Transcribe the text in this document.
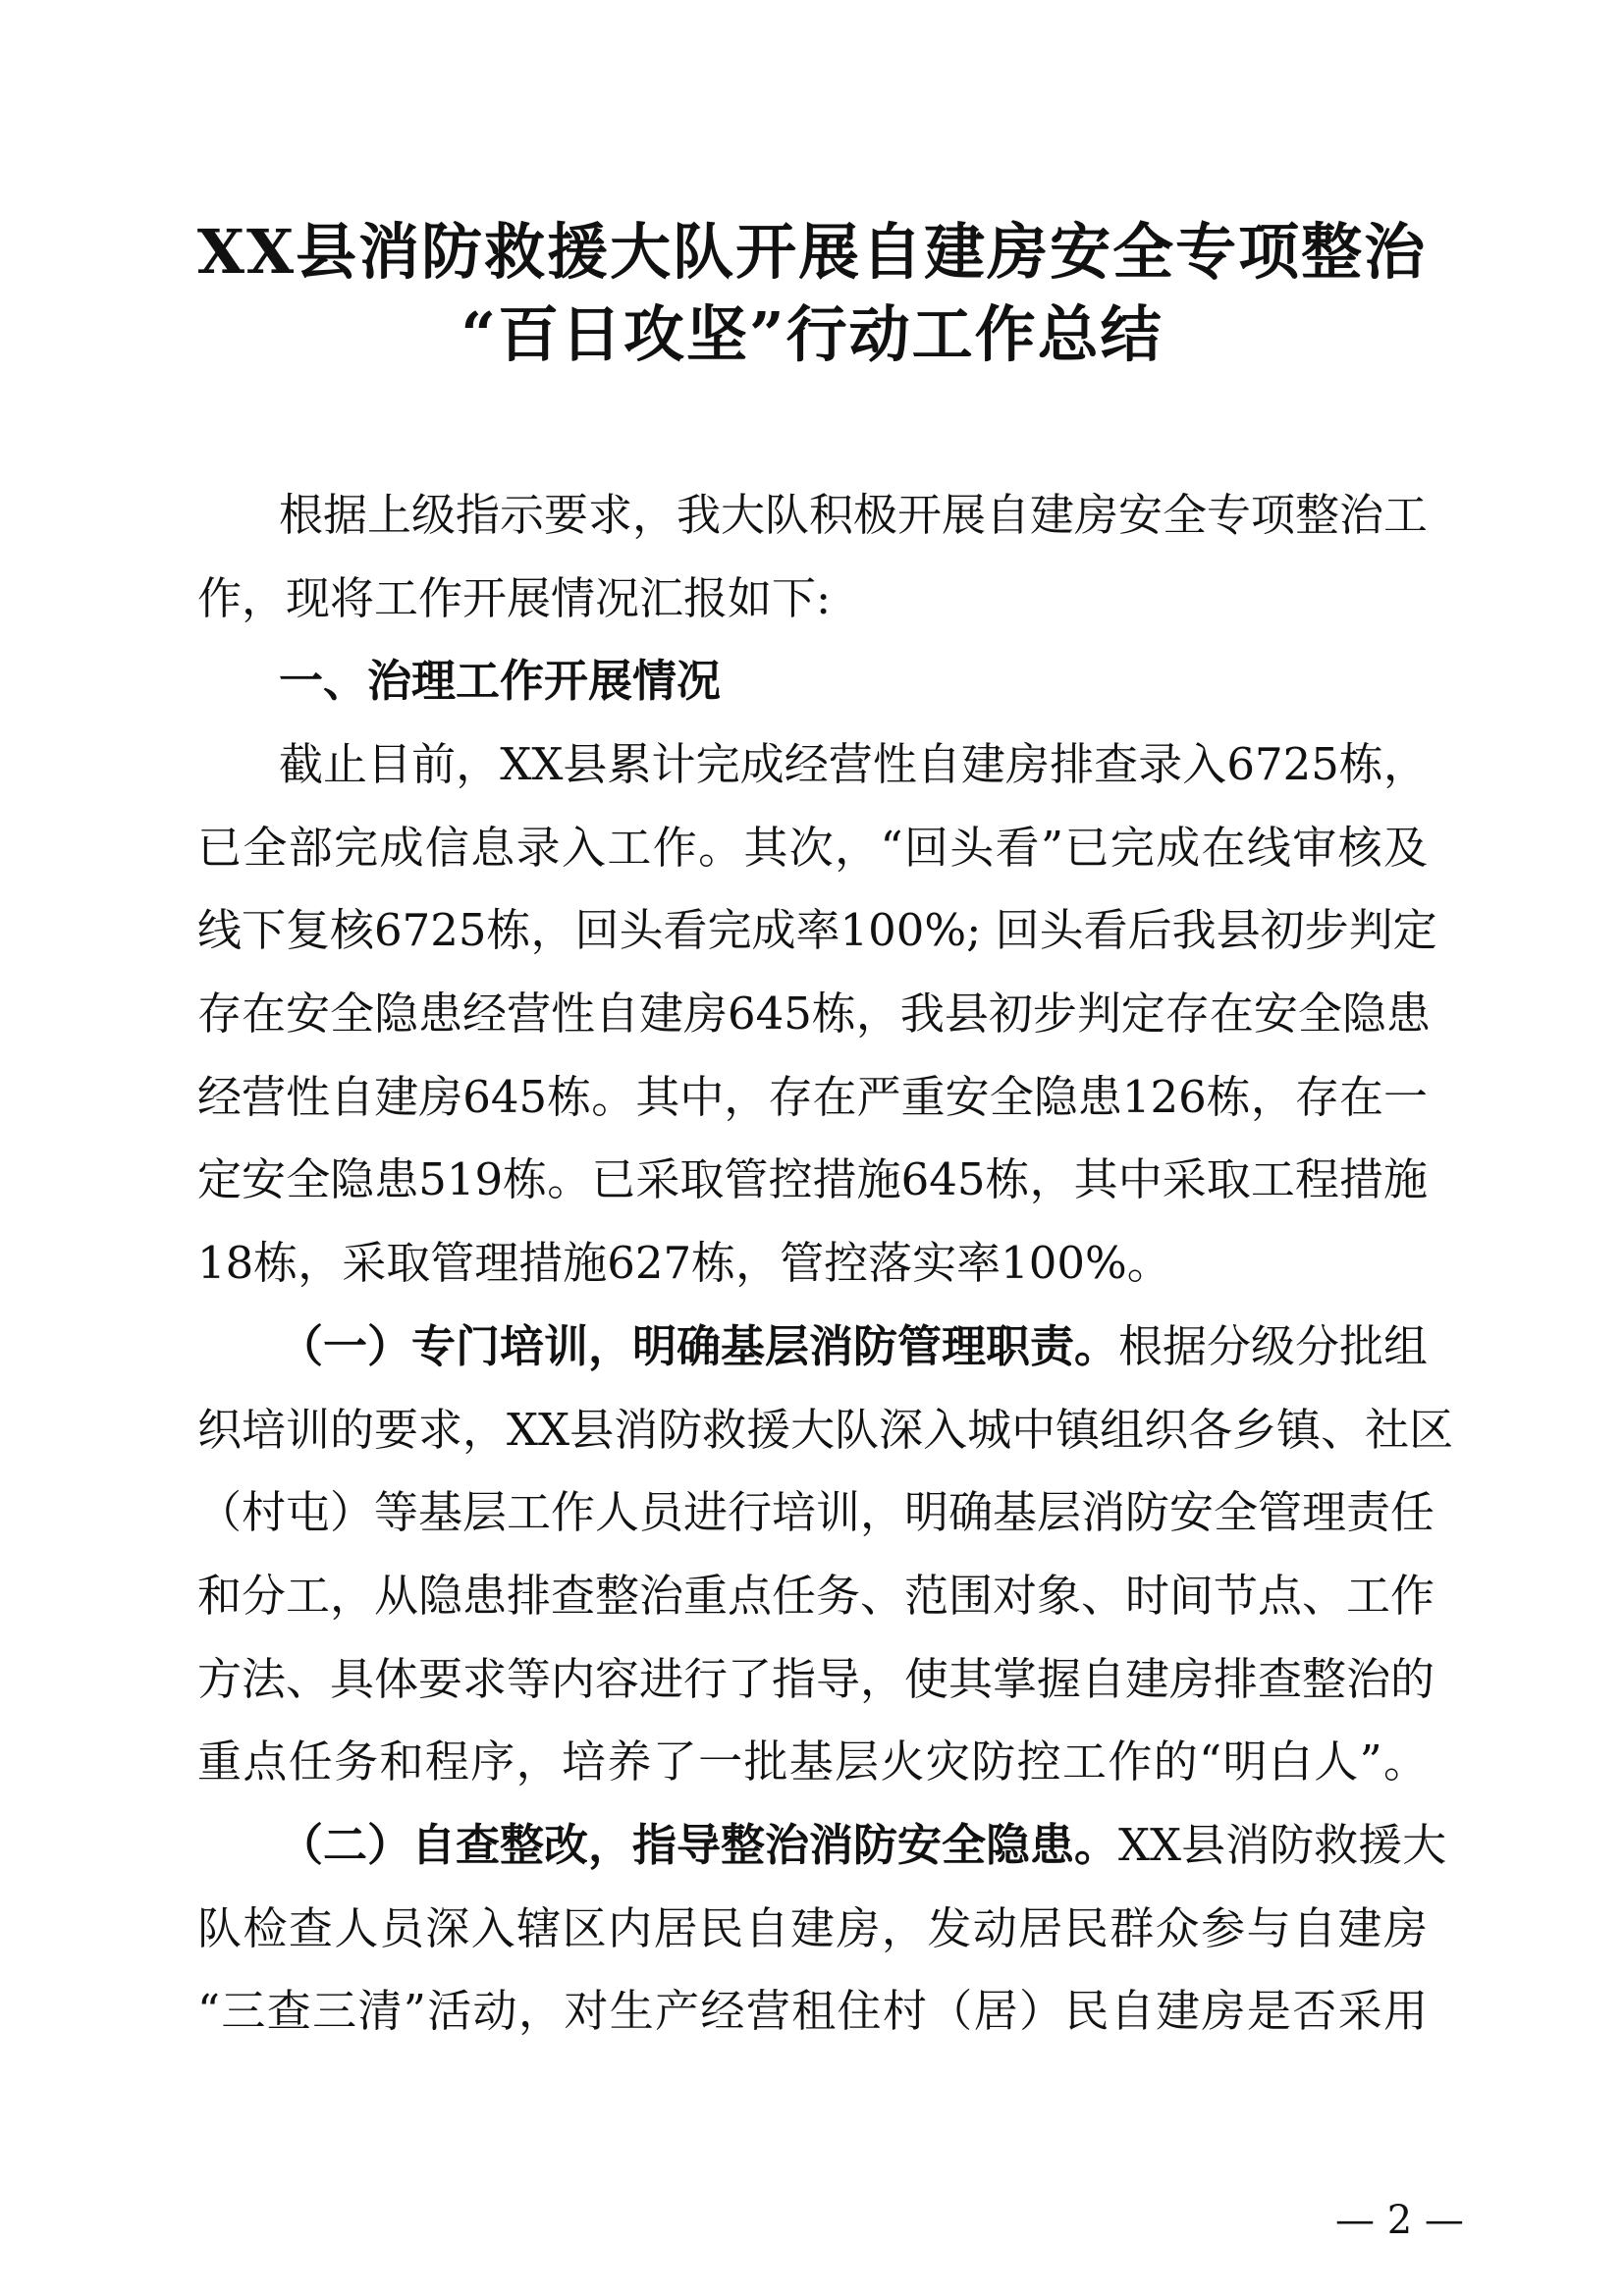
XX县消防救援大队开展自建房安全专项整治
“百日攻坚”行动工作总结
根据上级指示要求，我大队积极开展自建房安全专项整治工
作，现将工作开展情况汇报如下:
一、治理工作开展情况
截止目前，XX县累计完成经营性自建房排查录入6725栋，
已全部完成信息录入工作。其次，“回头看”已完成在线审核及
线下复核6725栋，回头看完成率100%; 回头看后我县初步判定
存在安全隐患经营性自建房645栋，我县初步判定存在安全隐患
经营性自建房645栋。其中，存在严重安全隐患126栋，存在一
定安全隐患519栋。已采取管控措施645栋，其中采取工程措施
18栋，采取管理措施627栋，管控落实率100%。
（一）专门培训，明确基层消防管理职责。根据分级分批组
织培训的要求，XX县消防救援大队深入城中镇组织各乡镇、社区
（村屯）等基层工作人员进行培训，明确基层消防安全管理责任
和分工，从隐患排查整治重点任务、范围对象、时间节点、工作
方法、具体要求等内容进行了指导，使其掌握自建房排查整治的
重点任务和程序，培养了一批基层火灾防控工作的“明白人”。
（二）自查整改，指导整治消防安全隐患。XX县消防救援大
队检查人员深入辖区内居民自建房，发动居民群众参与自建房
“三查三清”活动，对生产经营租住村（居）民自建房是否采用
— 2 —
